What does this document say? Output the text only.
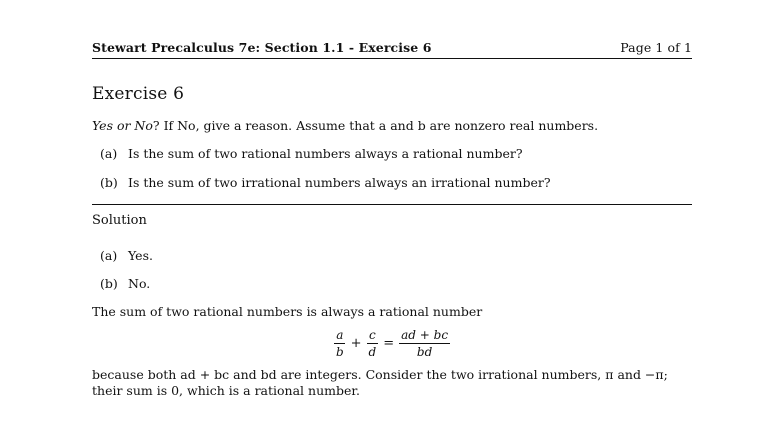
Stewart Precalculus 7e: Section 1.1 - Exercise 6	Page 1 of 1
Exercise 6
Yes or No? If No, give a reason. Assume that a and b are nonzero real numbers.
(a) Is the sum of two rational numbers always a rational number?
(b) Is the sum of two irrational numbers always an irrational number?
Solution
(a) Yes.
(b) No.
The sum of two rational numbers is always a rational number
$\frac{a}{b} + \frac{c}{d} = \frac{ad + bc}{bd}$
because both ad + bc and bd are integers. Consider the two irrational numbers, π and −π; their sum is 0, which is a rational number.
